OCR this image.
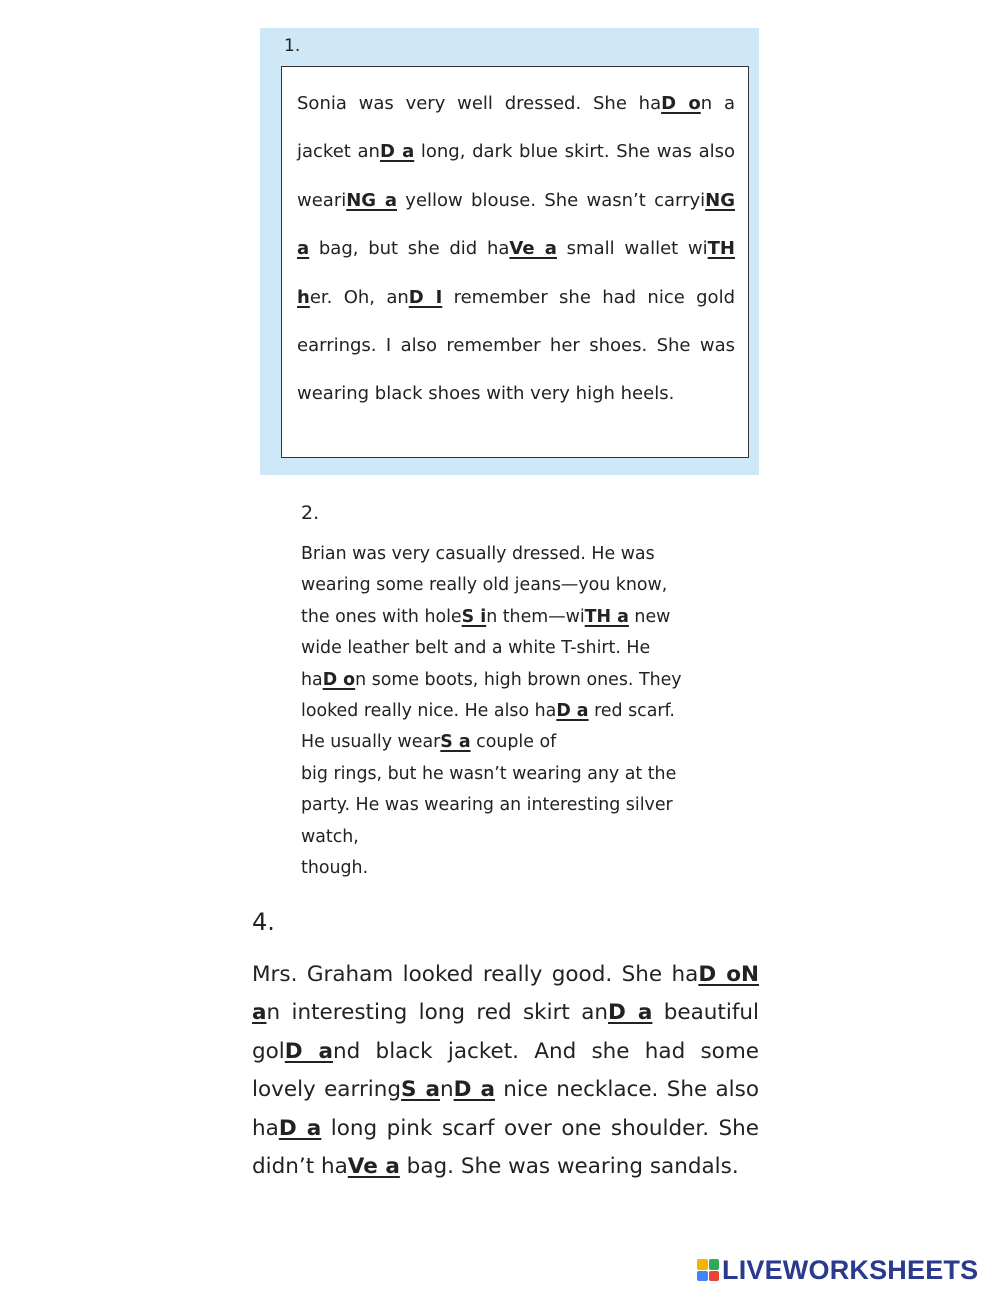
1.
Sonia was very well dressed. She haD on a jacket anD a long, dark blue skirt. She was also weariNG a yellow blouse. She wasn’t carryiNG a bag, but she did haVe a small wallet wiTH her. Oh, anD I remember she had nice gold earrings. I also remember her shoes. She was wearing black shoes with very high heels.
2.
Brian was very casually dressed. He was
wearing some really old jeans—you know,
the ones with holeS in them—wiTH a new
wide leather belt and a white T-shirt. He
haD on some boots, high brown ones. They
looked really nice. He also haD a red scarf.
He usually wearS a couple of
big rings, but he wasn’t wearing any at the
party. He was wearing an interesting silver
watch,
though.
4.
Mrs. Graham looked really good. She haD oN an interesting long red skirt anD a beautiful golD and black jacket. And she had some lovely earringS anD a nice necklace. She also haD a long pink scarf over one shoulder. She didn’t haVe a bag. She was wearing sandals.
LIVEWORKSHEETS
